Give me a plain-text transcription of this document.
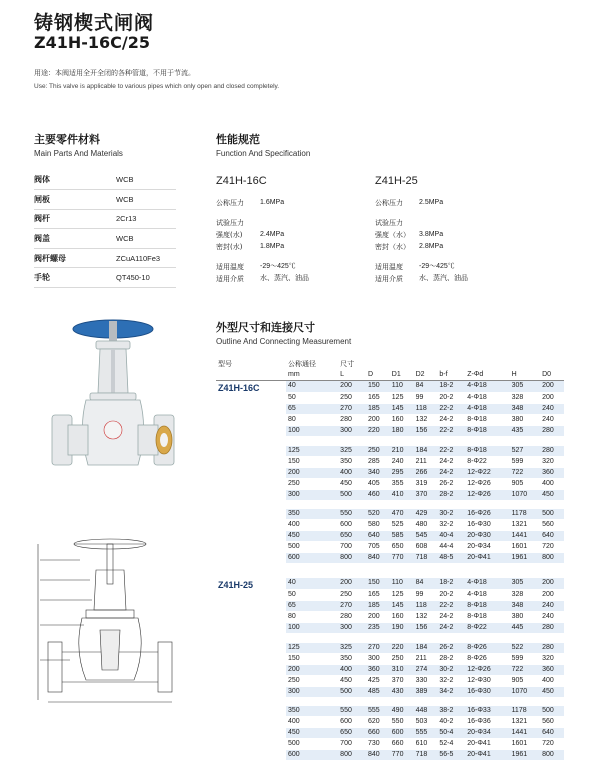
铸钢楔式闸阀
Z41H-16C/25
用途：本阀适用全开全闭的各种管道，不用于节流。
Use: This valve is applicable to various pipes which only open and closed completely.
主要零件材料
Main Parts And Materials
阀体	WCB
闸板	WCB
阀杆	2Cr13
阀盖	WCB
阀杆螺母	ZCuA110Fe3
手轮	QT450-10
性能规范
Function And Specification
Z41H-16C
公称压力	1.6MPa
试验压力
强度(水)	2.4MPa
密封(水)	1.8MPa
适用温度	-29～425℃
适用介质	水、蒸汽、油品
Z41H-25
公称压力	2.5MPa
试验压力
强度（水）	3.8MPa
密封（水）	2.8MPa
适用温度	-29～425℃
适用介质	水、蒸汽、油品
外型尺寸和连接尺寸
Outline And Connecting Measurement
型号	公称通径	尺寸							
	mm	L	D	D1	D2	b-f	Z-Φd	H	D0
Z41H-16C	40	200	150	110	84	18-2	4-Φ18	305	200
	50	250	165	125	99	20-2	4-Φ18	328	200
	65	270	185	145	118	22-2	4-Φ18	348	240
	80	280	200	160	132	24-2	8-Φ18	380	240
	100	300	220	180	156	22-2	8-Φ18	435	280

	125	325	250	210	184	22-2	8-Φ18	527	280
	150	350	285	240	211	24-2	8-Φ22	599	320
	200	400	340	295	266	24-2	12-Φ22	722	360
	250	450	405	355	319	26-2	12-Φ26	905	400
	300	500	460	410	370	28-2	12-Φ26	1070	450

	350	550	520	470	429	30-2	16-Φ26	1178	500
	400	600	580	525	480	32-2	16-Φ30	1321	560
	450	650	640	585	545	40-4	20-Φ30	1441	640
	500	700	705	650	608	44-4	20-Φ34	1601	720
	600	800	840	770	718	48-5	20-Φ41	1961	800

Z41H-25	40	200	150	110	84	18-2	4-Φ18	305	200
	50	250	165	125	99	20-2	4-Φ18	328	200
	65	270	185	145	118	22-2	8-Φ18	348	240
	80	280	200	160	132	24-2	8-Φ18	380	240
	100	300	235	190	156	24-2	8-Φ22	445	280

	125	325	270	220	184	26-2	8-Φ26	522	280
	150	350	300	250	211	28-2	8-Φ26	599	320
	200	400	360	310	274	30-2	12-Φ26	722	360
	250	450	425	370	330	32-2	12-Φ30	905	400
	300	500	485	430	389	34-2	16-Φ30	1070	450

	350	550	555	490	448	38-2	16-Φ33	1178	500
	400	600	620	550	503	40-2	16-Φ36	1321	560
	450	650	660	600	555	50-4	20-Φ34	1441	640
	500	700	730	660	610	52-4	20-Φ41	1601	720
	600	800	840	770	718	56-5	20-Φ41	1961	800
